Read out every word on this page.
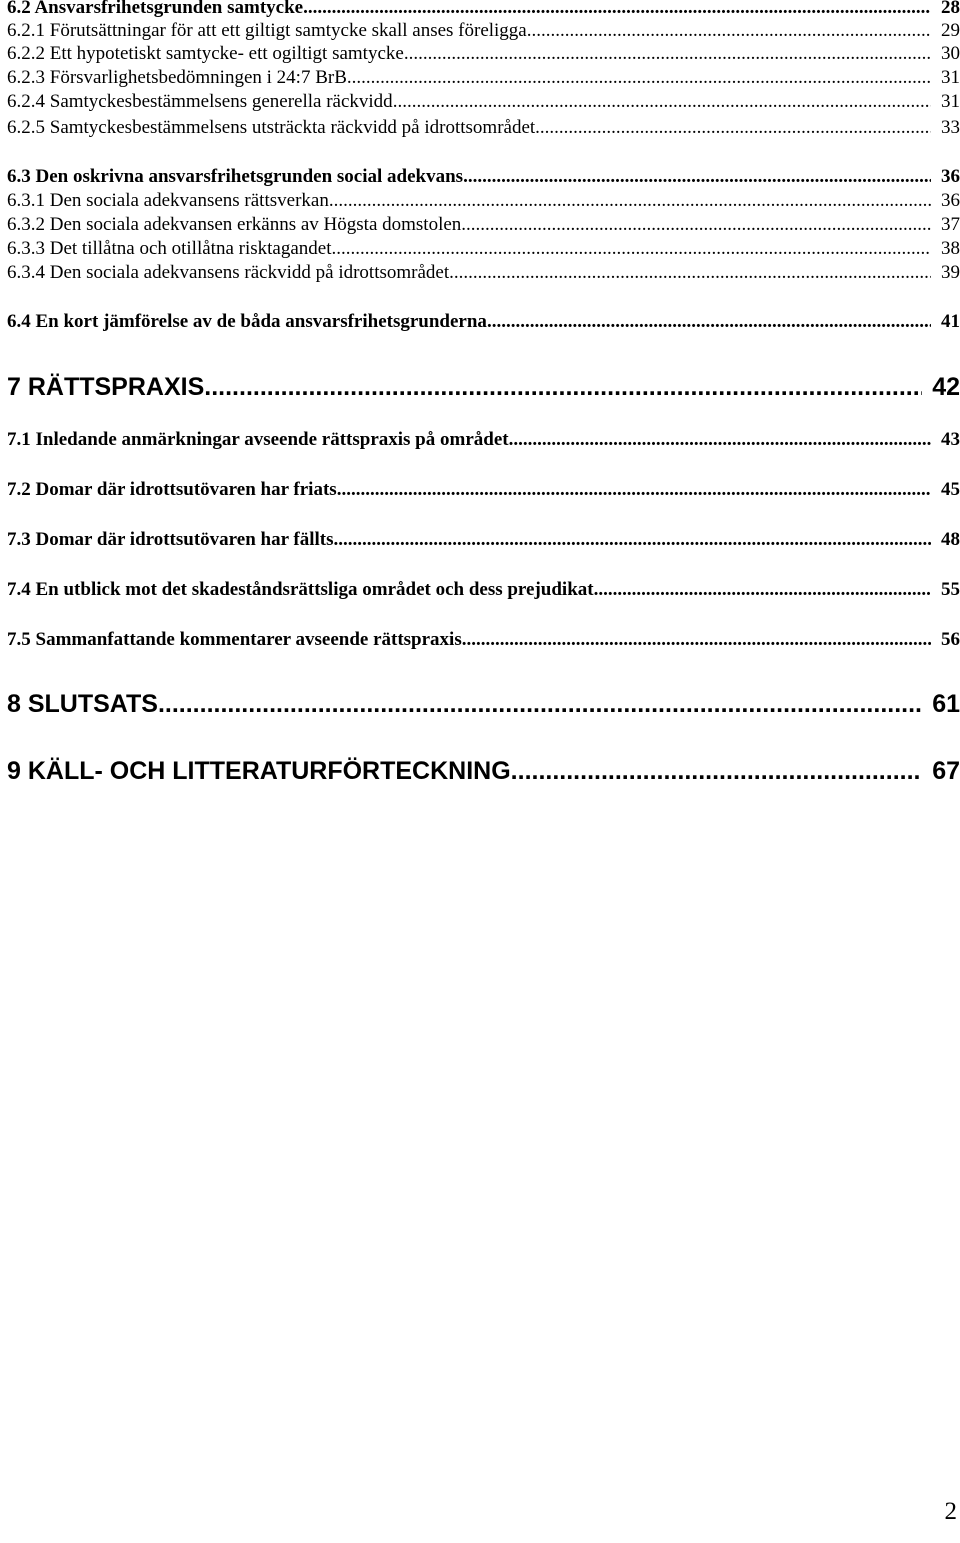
6.2 Ansvarsfrihetsgrunden samtycke .....	28
6.2.1 Förutsättningar för att ett giltigt samtycke skall anses föreligga .....	29
6.2.2 Ett hypotetiskt samtycke- ett ogiltigt samtycke .....	30
6.2.3 Försvarlighetsbedömningen i 24:7 BrB .....	31
6.2.4 Samtyckesbestämmelsens generella räckvidd .....	31
6.2.5 Samtyckesbestämmelsens utsträckta räckvidd på idrottsområdet .....	33
6.3 Den oskrivna ansvarsfrihetsgrunden social adekvans .....	36
6.3.1 Den sociala adekvansens rättsverkan .....	36
6.3.2 Den sociala adekvansen erkänns av Högsta domstolen .....	37
6.3.3 Det tillåtna och otillåtna risktagandet .....	38
6.3.4 Den sociala adekvansens räckvidd på idrottsområdet .....	39
6.4 En kort jämförelse av de båda ansvarsfrihetsgrunderna .....	41
7 RÄTTSPRAXIS .....	42
7.1 Inledande anmärkningar avseende rättspraxis på området .....	43
7.2 Domar där idrottsutövaren har friats .....	45
7.3 Domar där idrottsutövaren har fällts .....	48
7.4 En utblick mot det skadeståndsrättsliga området och dess prejudikat .....	55
7.5 Sammanfattande kommentarer avseende rättspraxis .....	56
8 SLUTSATS .....	61
9 KÄLL- OCH LITTERATURFÖRTECKNING .....	67
2
